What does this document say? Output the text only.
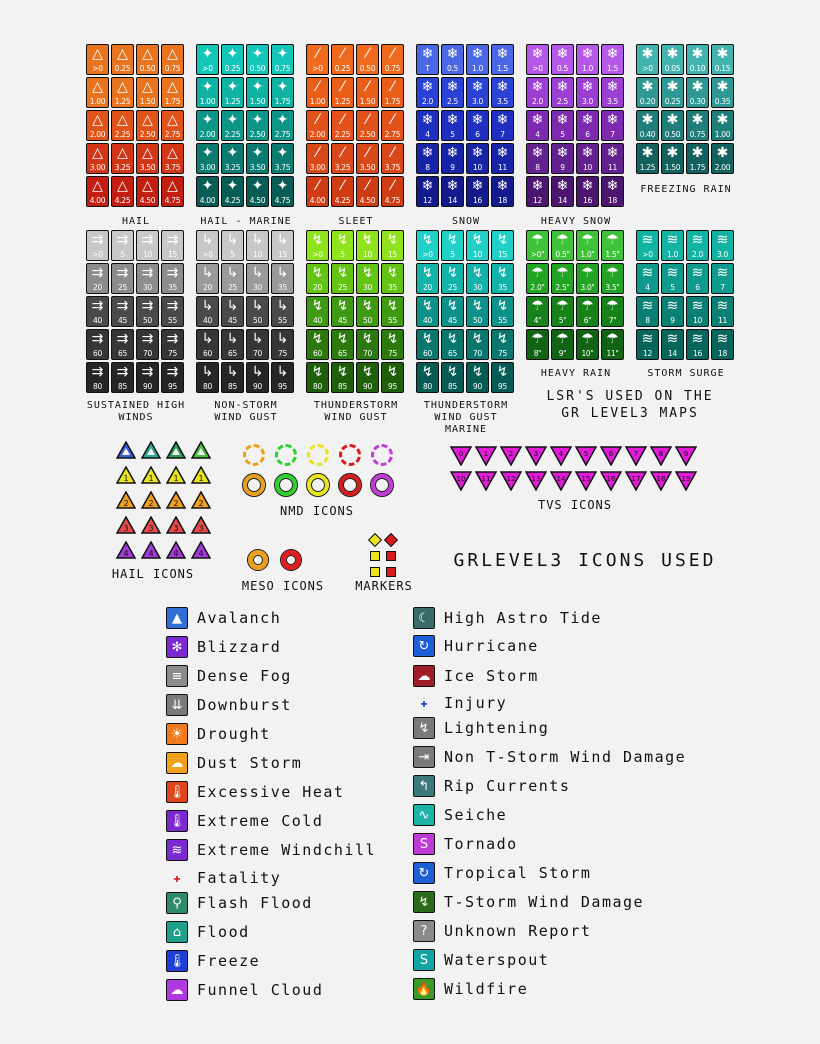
△
>0
△
0.25
△
0.50
△
0.75
△
1.00
△
1.25
△
1.50
△
1.75
△
2.00
△
2.25
△
2.50
△
2.75
△
3.00
△
3.25
△
3.50
△
3.75
△
4.00
△
4.25
△
4.50
△
4.75
HAIL
✦
>0
✦
0.25
✦
0.50
✦
0.75
✦
1.00
✦
1.25
✦
1.50
✦
1.75
✦
2.00
✦
2.25
✦
2.50
✦
2.75
✦
3.00
✦
3.25
✦
3.50
✦
3.75
✦
4.00
✦
4.25
✦
4.50
✦
4.75
HAIL - MARINE
⁄
>0
⁄
0.25
⁄
0.50
⁄
0.75
⁄
1.00
⁄
1.25
⁄
1.50
⁄
1.75
⁄
2.00
⁄
2.25
⁄
2.50
⁄
2.75
⁄
3.00
⁄
3.25
⁄
3.50
⁄
3.75
⁄
4.00
⁄
4.25
⁄
4.50
⁄
4.75
SLEET
❄
T
❄
0.5
❄
1.0
❄
1.5
❄
2.0
❄
2.5
❄
3.0
❄
3.5
❄
4
❄
5
❄
6
❄
7
❄
8
❄
9
❄
10
❄
11
❄
12
❄
14
❄
16
❄
18
SNOW
❄
>0
❄
0.5
❄
1.0
❄
1.5
❄
2.0
❄
2.5
❄
3.0
❄
3.5
❄
4
❄
5
❄
6
❄
7
❄
8
❄
9
❄
10
❄
11
❄
12
❄
14
❄
16
❄
18
HEAVY SNOW
✱
>0
✱
0.05
✱
0.10
✱
0.15
✱
0.20
✱
0.25
✱
0.30
✱
0.35
✱
0.40
✱
0.50
✱
0.75
✱
1.00
✱
1.25
✱
1.50
✱
1.75
✱
2.00
FREEZING RAIN
⇉
>0
⇉
5
⇉
10
⇉
15
⇉
20
⇉
25
⇉
30
⇉
35
⇉
40
⇉
45
⇉
50
⇉
55
⇉
60
⇉
65
⇉
70
⇉
75
⇉
80
⇉
85
⇉
90
⇉
95
SUSTAINED HIGH
WINDS
↳
>0
↳
5
↳
10
↳
15
↳
20
↳
25
↳
30
↳
35
↳
40
↳
45
↳
50
↳
55
↳
60
↳
65
↳
70
↳
75
↳
80
↳
85
↳
90
↳
95
NON-STORM
WIND GUST
↯
>0
↯
5
↯
10
↯
15
↯
20
↯
25
↯
30
↯
35
↯
40
↯
45
↯
50
↯
55
↯
60
↯
65
↯
70
↯
75
↯
80
↯
85
↯
90
↯
95
THUNDERSTORM
WIND GUST
↯
>0
↯
5
↯
10
↯
15
↯
20
↯
25
↯
30
↯
35
↯
40
↯
45
↯
50
↯
55
↯
60
↯
65
↯
70
↯
75
↯
80
↯
85
↯
90
↯
95
THUNDERSTORM
WIND GUST
MARINE
☂
>0"
☂
0.5"
☂
1.0"
☂
1.5"
☂
2.0"
☂
2.5"
☂
3.0"
☂
3.5"
☂
4"
☂
5"
☂
6"
☂
7"
☂
8"
☂
9"
☂
10"
☂
11"
HEAVY RAIN
≋
>0
≋
1.0
≋
2.0
≋
3.0
≋
4
≋
5
≋
6
≋
7
≋
8
≋
9
≋
10
≋
11
≋
12
≋
14
≋
16
≋
18
STORM SURGE
LSR'S USED ON THE
GR LEVEL3 MAPS
1 1 1 1
2 2 2 2
3 3 3 3
4 4 4 4
HAIL ICONS
NMD ICONS
MESO ICONS	MARKERS
0	1	2	3	4	5	6	7	8	9
10 11 12 13 14 15 16 17 18 19
TVS ICONS
GRLEVEL3 ICONS USED
▲	Avalanch
✻ Blizzard
≡ Dense Fog
⇊ Downburst
☀ Drought
☁ Dust Storm
🌡 Excessive Heat
🌡 Extreme Cold
≋ Extreme Windchill
✚	Fatality
⚲	Flash Flood
⌂	Flood
🌡 Freeze
☁ Funnel Cloud
☾ High Astro Tide
↻ Hurricane
☁ Ice Storm
✚	Injury
↯ Lightening
⇥ Non T-Storm Wind Damage
↰ Rip Currents
∿ Seiche
S	Tornado
↻ Tropical Storm
↯ T-Storm Wind Damage
?	Unknown Report
S	Waterspout
🔥 Wildfire
